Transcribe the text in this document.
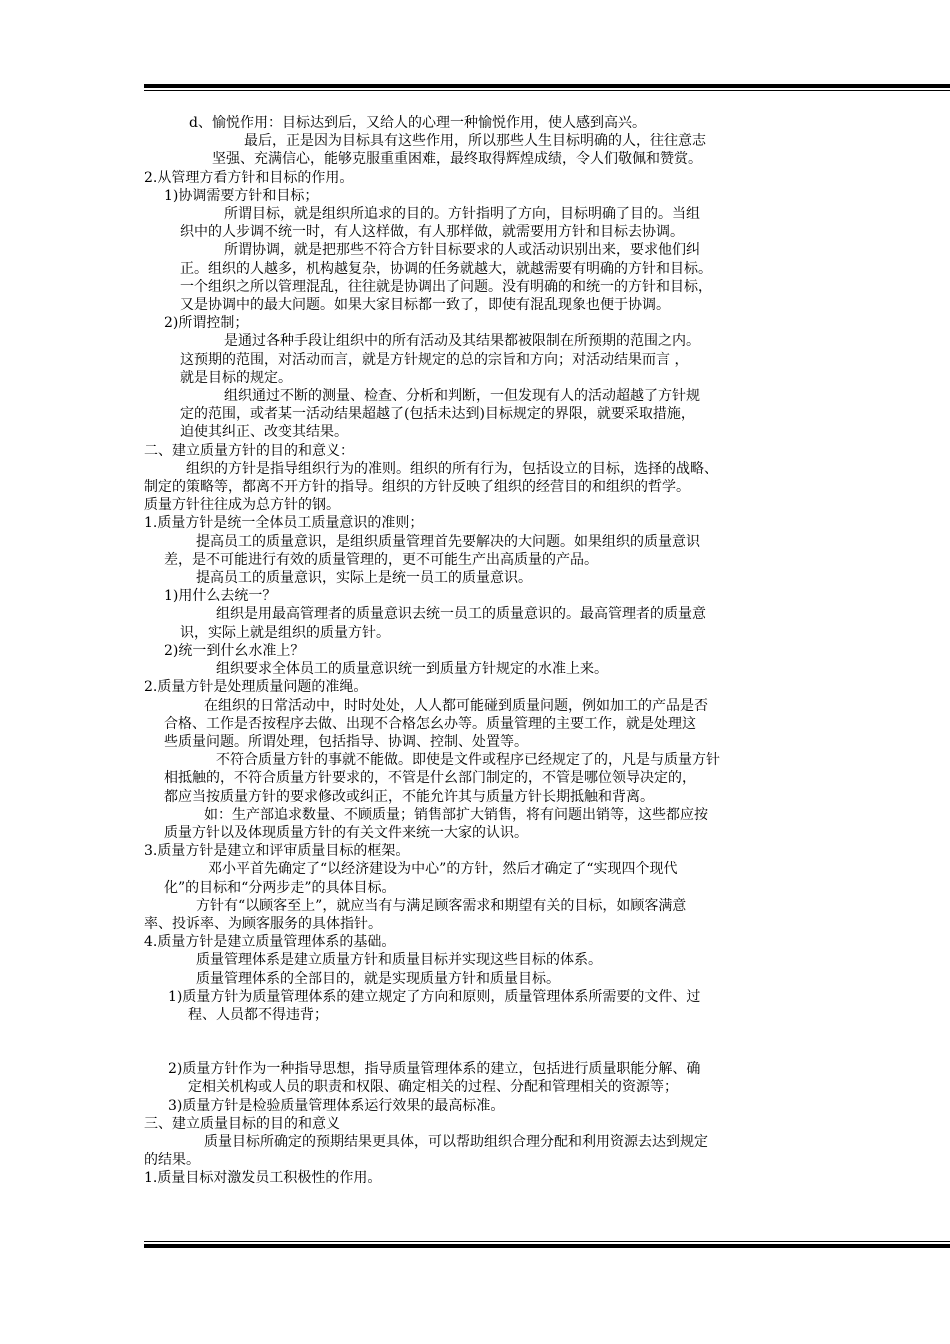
d、愉悦作用：目标达到后，又给人的心理一种愉悦作用，使人感到高兴。

最后，正是因为目标具有这些作用，所以那些人生目标明确的人，往往意志

坚强、充满信心，能够克服重重困难，最终取得辉煌成绩，令人们敬佩和赞赏。

2.从管理方看方针和目标的作用。

1)协调需要方针和目标；

所谓目标，就是组织所追求的目的。方针指明了方向，目标明确了目的。当组

织中的人步调不统一时，有人这样做，有人那样做，就需要用方针和目标去协调。

所谓协调，就是把那些不符合方针目标要求的人或活动识别出来，要求他们纠

正。组织的人越多，机构越复杂，协调的任务就越大，就越需要有明确的方针和目标。

一个组织之所以管理混乱，往往就是协调出了问题。没有明确的和统一的方针和目标，

又是协调中的最大问题。如果大家目标都一致了，即使有混乱现象也便于协调。

2)所谓控制；

是通过各种手段让组织中的所有活动及其结果都被限制在所预期的范围之内。

这预期的范围，对活动而言，就是方针规定的总的宗旨和方向；对活动结果而言 ，

就是目标的规定。

组织通过不断的测量、检查、分析和判断，一但发现有人的活动超越了方针规

定的范围，或者某一活动结果超越了(包括未达到)目标规定的界限，就要采取措施，

迫使其纠正、改变其结果。

二、建立质量方针的目的和意义：

组织的方针是指导组织行为的准则。组织的所有行为，包括设立的目标，选择的战略、

制定的策略等，都离不开方针的指导。组织的方针反映了组织的经营目的和组织的哲学。

质量方针往往成为总方针的钢。

1.质量方针是统一全体员工质量意识的准则；

提高员工的质量意识，是组织质量管理首先要解决的大问题。如果组织的质量意识

差，是不可能进行有效的质量管理的，更不可能生产出高质量的产品。

提高员工的质量意识，实际上是统一员工的质量意识。

1)用什么去统一？

组织是用最高管理者的质量意识去统一员工的质量意识的。最高管理者的质量意

识，实际上就是组织的质量方针。

2)统一到什幺水准上？

组织要求全体员工的质量意识统一到质量方针规定的水准上来。

2.质量方针是处理质量问题的准绳。

在组织的日常活动中，时时处处，人人都可能碰到质量问题，例如加工的产品是否

合格、工作是否按程序去做、出现不合格怎幺办等。质量管理的主要工作，就是处理这

些质量问题。所谓处理，包括指导、协调、控制、处置等。

不符合质量方针的事就不能做。即使是文件或程序已经规定了的，凡是与质量方针

相抵触的，不符合质量方针要求的，不管是什幺部门制定的，不管是哪位领导决定的，

都应当按质量方针的要求修改或纠正，不能允许其与质量方针长期抵触和背离。

如：生产部追求数量、不顾质量；销售部扩大销售，将有问题出销等，这些都应按

质量方针以及体现质量方针的有关文件来统一大家的认识。

3.质量方针是建立和评审质量目标的框架。

邓小平首先确定了“以经济建设为中心”的方针，然后才确定了“实现四个现代

化”的目标和“分两步走”的具体目标。

方针有“以顾客至上”，就应当有与满足顾客需求和期望有关的目标，如顾客满意

率、投诉率、为顾客服务的具体指针。

4.质量方针是建立质量管理体系的基础。

质量管理体系是建立质量方针和质量目标并实现这些目标的体系。

质量管理体系的全部目的，就是实现质量方针和质量目标。

1)质量方针为质量管理体系的建立规定了方向和原则，质量管理体系所需要的文件、过

程、人员都不得违背；

2)质量方针作为一种指导思想，指导质量管理体系的建立，包括进行质量职能分解、确

定相关机构或人员的职责和权限、确定相关的过程、分配和管理相关的资源等；

3)质量方针是检验质量管理体系运行效果的最高标准。

三、建立质量目标的目的和意义

质量目标所确定的预期结果更具体，可以帮助组织合理分配和利用资源去达到规定

的结果。

1.质量目标对激发员工积极性的作用。
